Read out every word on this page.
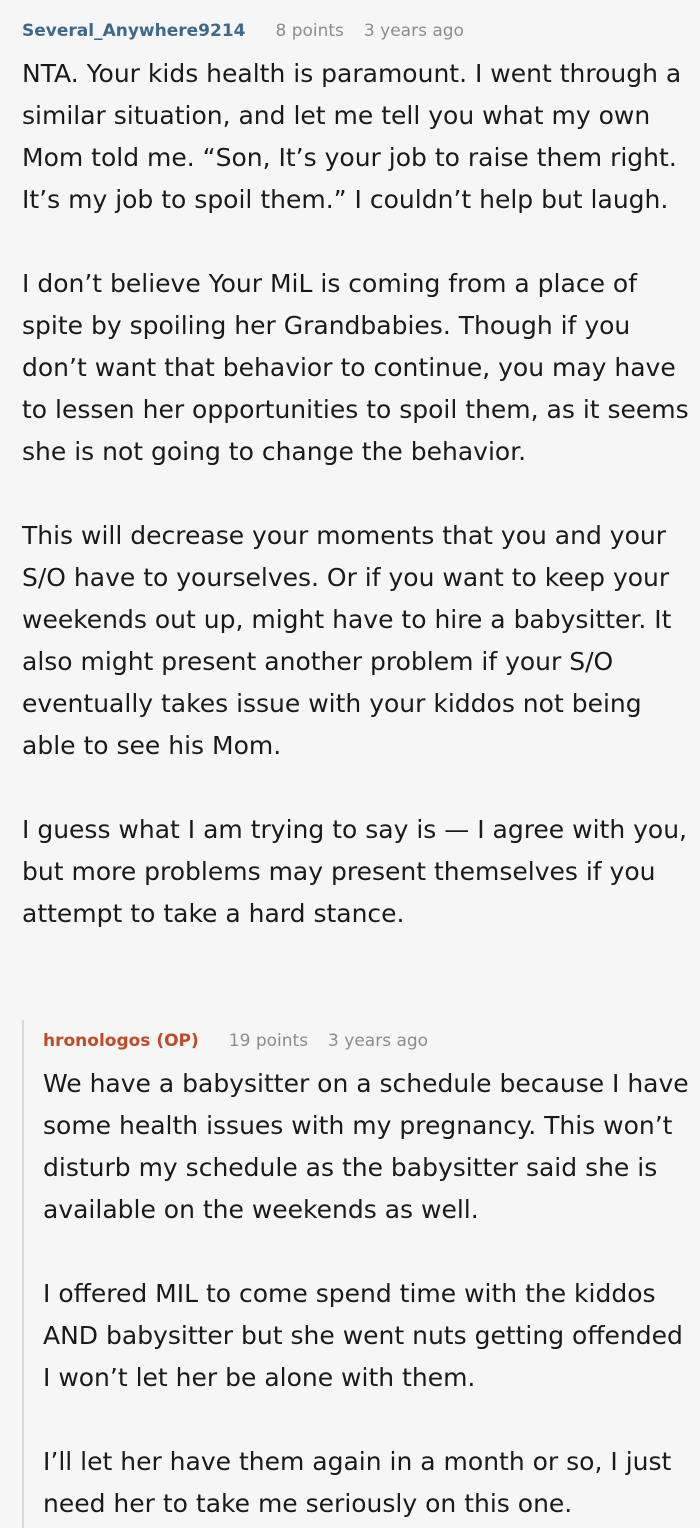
Several_Anywhere9214 8 points 3 years ago

NTA. Your kids health is paramount. I went through a similar situation, and let me tell you what my own Mom told me. “Son, It’s your job to raise them right. It’s my job to spoil them.” I couldn’t help but laugh.

I don’t believe Your MiL is coming from a place of spite by spoiling her Grandbabies. Though if you don’t want that behavior to continue, you may have to lessen her opportunities to spoil them, as it seems she is not going to change the behavior.

This will decrease your moments that you and your S/O have to yourselves. Or if you want to keep your weekends out up, might have to hire a babysitter. It also might present another problem if your S/O eventually takes issue with your kiddos not being able to see his Mom.

I guess what I am trying to say is — I agree with you, but more problems may present themselves if you attempt to take a hard stance.

hronologos (OP) 19 points 3 years ago

We have a babysitter on a schedule because I have some health issues with my pregnancy. This won’t disturb my schedule as the babysitter said she is available on the weekends as well.

I offered MIL to come spend time with the kiddos AND babysitter but she went nuts getting offended I won’t let her be alone with them.

I’ll let her have them again in a month or so, I just need her to take me seriously on this one.
